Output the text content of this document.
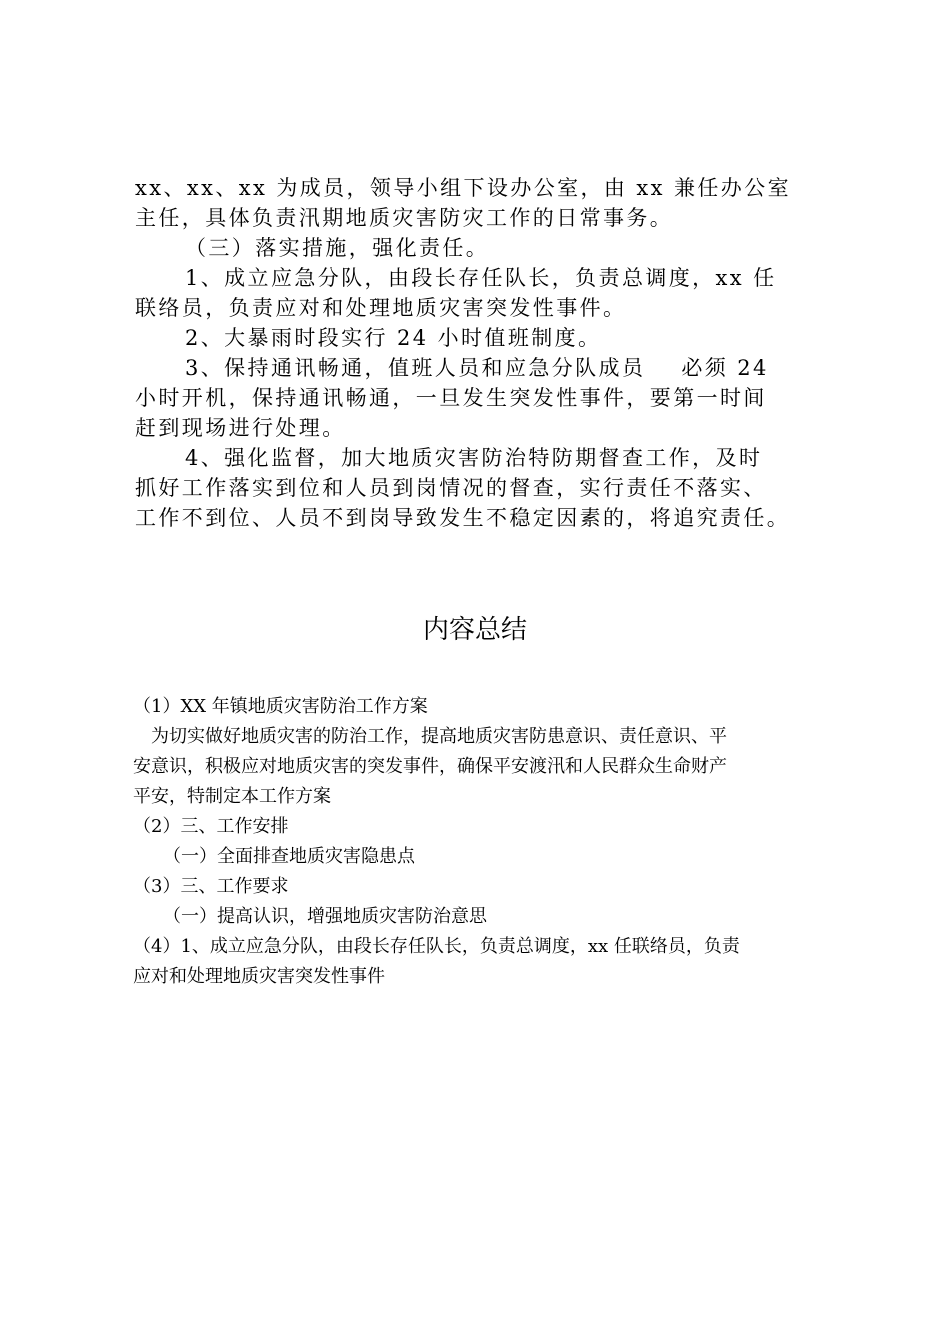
xx、xx、xx 为成员，领导小组下设办公室，由 xx 兼任办公室

主任，具体负责汛期地质灾害防灾工作的日常事务。

（三）落实措施，强化责任。

1、成立应急分队，由段长存任队长，负责总调度，xx 任

联络员，负责应对和处理地质灾害突发性事件。

2、大暴雨时段实行 24 小时值班制度。

3、保持通讯畅通，值班人员和应急分队成员 必须 24

小时开机，保持通讯畅通，一旦发生突发性事件，要第一时间

赶到现场进行处理。

4、强化监督，加大地质灾害防治特防期督查工作，及时

抓好工作落实到位和人员到岗情况的督查，实行责任不落实、

工作不到位、人员不到岗导致发生不稳定因素的，将追究责任。

内容总结

（1）XX 年镇地质灾害防治工作方案

为切实做好地质灾害的防治工作，提高地质灾害防患意识、责任意识、平

安意识，积极应对地质灾害的突发事件，确保平安渡汛和人民群众生命财产

平安，特制定本工作方案

（2）三、工作安排

（一）全面排查地质灾害隐患点

（3）三、工作要求

（一）提高认识，增强地质灾害防治意思

（4）1、成立应急分队，由段长存任队长，负责总调度，xx 任联络员，负责

应对和处理地质灾害突发性事件
